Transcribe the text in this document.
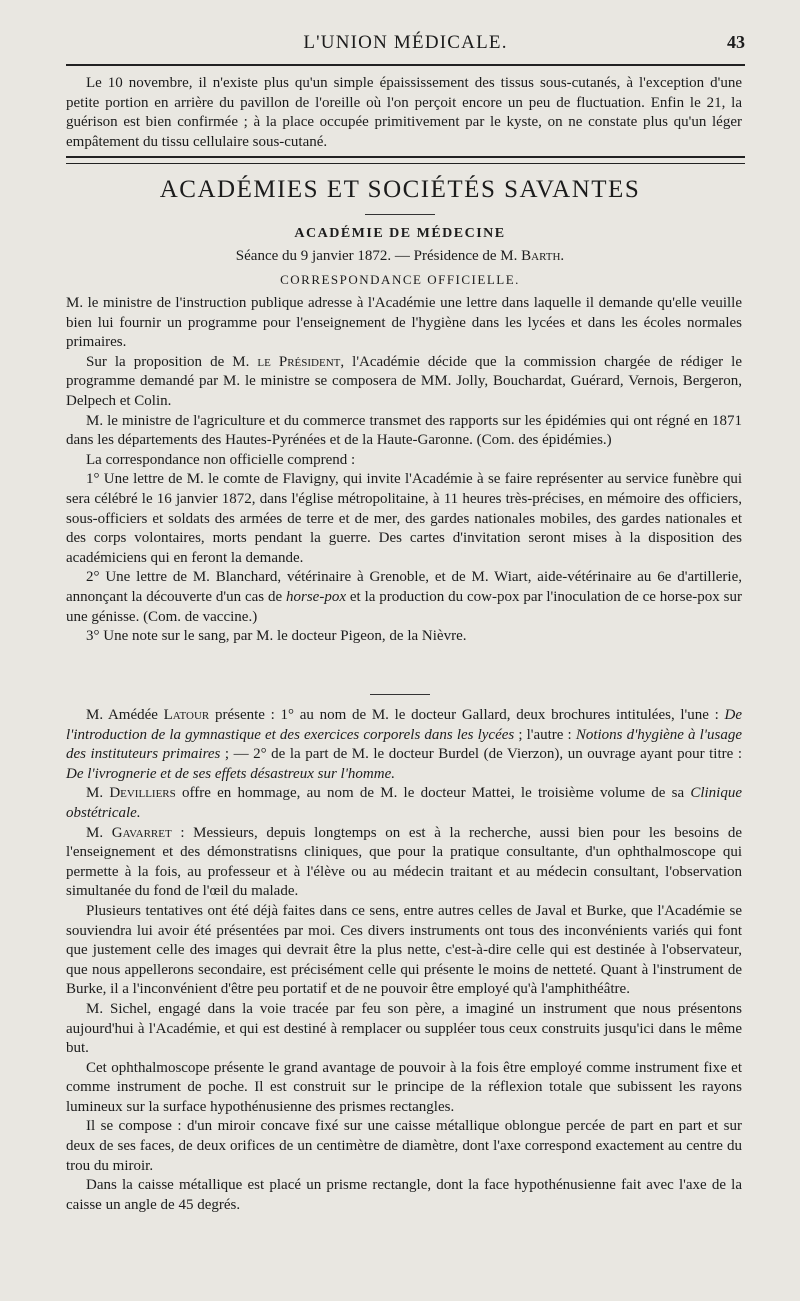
L'UNION MÉDICALE.	43

Le 10 novembre, il n'existe plus qu'un simple épaississement des tissus sous-cutanés, à l'exception d'une petite portion en arrière du pavillon de l'oreille où l'on perçoit encore un peu de fluctuation. Enfin le 21, la guérison est bien confirmée ; à la place occupée primitivement par le kyste, on ne constate plus qu'un léger empâtement du tissu cellulaire sous-cutané.

ACADÉMIES ET SOCIÉTÉS SAVANTES
ACADÉMIE DE MÉDECINE
Séance du 9 janvier 1872. — Présidence de M. Barth.
CORRESPONDANCE OFFICIELLE.

M. le ministre de l'instruction publique adresse à l'Académie une lettre dans laquelle il demande qu'elle veuille bien lui fournir un programme pour l'enseignement de l'hygiène dans les lycées et dans les écoles normales primaires.

Sur la proposition de M. le Président, l'Académie décide que la commission chargée de rédiger le programme demandé par M. le ministre se composera de MM. Jolly, Bouchardat, Guérard, Vernois, Bergeron, Delpech et Colin.

M. le ministre de l'agriculture et du commerce transmet des rapports sur les épidémies qui ont régné en 1871 dans les départements des Hautes-Pyrénées et de la Haute-Garonne. (Com. des épidémies.)

La correspondance non officielle comprend :

1° Une lettre de M. le comte de Flavigny, qui invite l'Académie à se faire représenter au service funèbre qui sera célébré le 16 janvier 1872, dans l'église métropolitaine, à 11 heures très-précises, en mémoire des officiers, sous-officiers et soldats des armées de terre et de mer, des gardes nationales mobiles, des gardes nationales et des corps volontaires, morts pendant la guerre. Des cartes d'invitation seront mises à la disposition des académiciens qui en feront la demande.

2° Une lettre de M. Blanchard, vétérinaire à Grenoble, et de M. Wiart, aide-vétérinaire au 6e d'artillerie, annonçant la découverte d'un cas de horse-pox et la production du cow-pox par l'inoculation de ce horse-pox sur une génisse. (Com. de vaccine.)

3° Une note sur le sang, par M. le docteur Pigeon, de la Nièvre.

M. Amédée Latour présente : 1° au nom de M. le docteur Gallard, deux brochures intitulées, l'une : De l'introduction de la gymnastique et des exercices corporels dans les lycées ; l'autre : Notions d'hygiène à l'usage des instituteurs primaires ; — 2° de la part de M. le docteur Burdel (de Vierzon), un ouvrage ayant pour titre : De l'ivrognerie et de ses effets désastreux sur l'homme.

M. Devilliers offre en hommage, au nom de M. le docteur Mattei, le troisième volume de sa Clinique obstétricale.

M. Gavarret : Messieurs, depuis longtemps on est à la recherche, aussi bien pour les besoins de l'enseignement et des démonstratisns cliniques, que pour la pratique consultante, d'un ophthalmoscope qui permette à la fois, au professeur et à l'élève ou au médecin traitant et au médecin consultant, l'observation simultanée du fond de l'œil du malade.

Plusieurs tentatives ont été déjà faites dans ce sens, entre autres celles de Javal et Burke, que l'Académie se souviendra lui avoir été présentées par moi. Ces divers instruments ont tous des inconvénients variés qui font que justement celle des images qui devrait être la plus nette, c'est-à-dire celle qui est destinée à l'observateur, que nous appellerons secondaire, est précisément celle qui présente le moins de netteté. Quant à l'instrument de Burke, il a l'inconvénient d'être peu portatif et de ne pouvoir être employé qu'à l'amphithéâtre.

M. Sichel, engagé dans la voie tracée par feu son père, a imaginé un instrument que nous présentons aujourd'hui à l'Académie, et qui est destiné à remplacer ou suppléer tous ceux construits jusqu'ici dans le même but.

Cet ophthalmoscope présente le grand avantage de pouvoir à la fois être employé comme instrument fixe et comme instrument de poche. Il est construit sur le principe de la réflexion totale que subissent les rayons lumineux sur la surface hypothénusienne des prismes rectangles.

Il se compose : d'un miroir concave fixé sur une caisse métallique oblongue percée de part en part et sur deux de ses faces, de deux orifices de un centimètre de diamètre, dont l'axe correspond exactement au centre du trou du miroir.

Dans la caisse métallique est placé un prisme rectangle, dont la face hypothénusienne fait avec l'axe de la caisse un angle de 45 degrés.
